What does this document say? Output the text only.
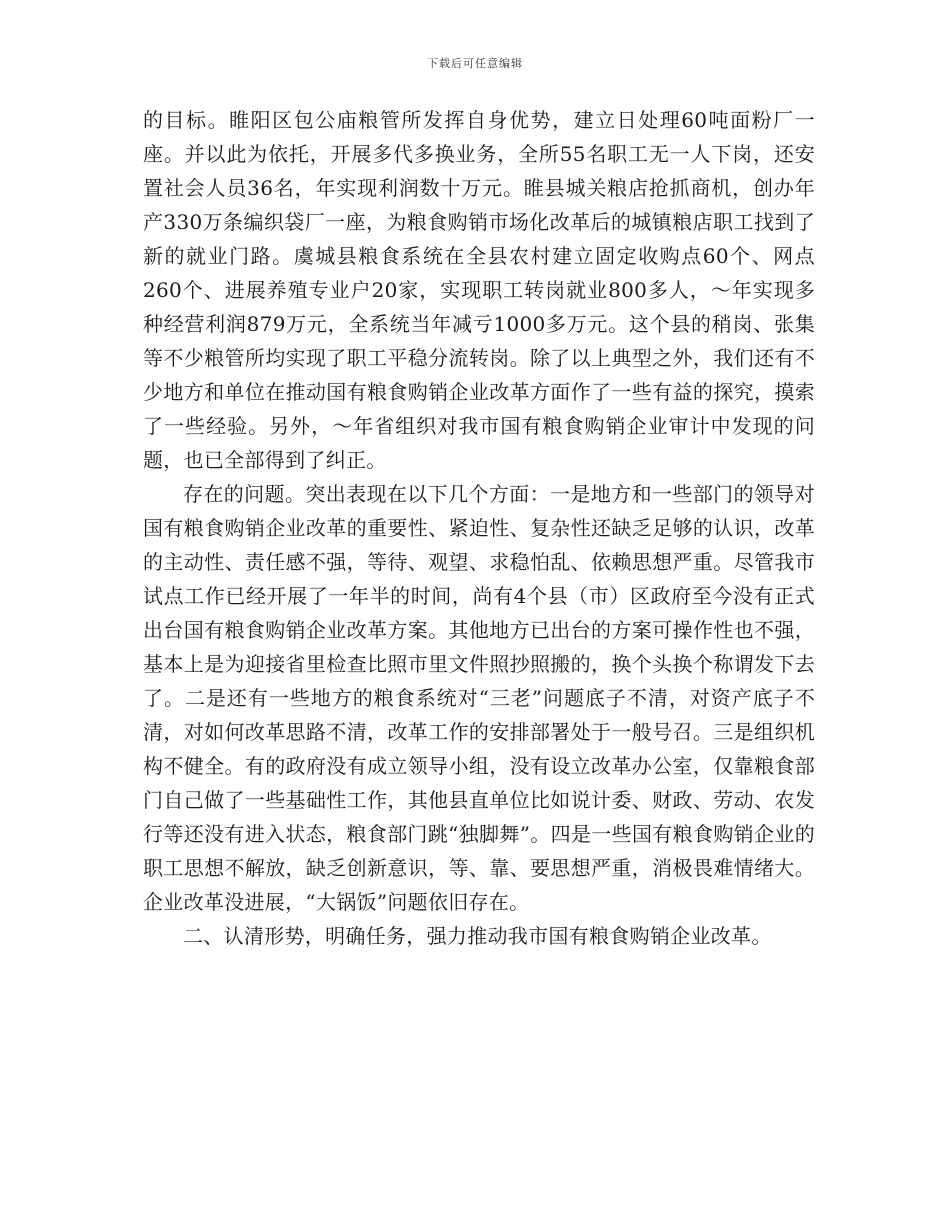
下载后可任意编辑

的目标。睢阳区包公庙粮管所发挥自身优势，建立日处理60吨面粉厂一座。并以此为依托，开展多代多换业务，全所55名职工无一人下岗，还安置社会人员36名，年实现利润数十万元。睢县城关粮店抢抓商机，创办年产330万条编织袋厂一座，为粮食购销市场化改革后的城镇粮店职工找到了新的就业门路。虞城县粮食系统在全县农村建立固定收购点60个、网点260个、进展养殖专业户20家，实现职工转岗就业800多人，～年实现多种经营利润879万元，全系统当年减亏1000多万元。这个县的稍岗、张集等不少粮管所均实现了职工平稳分流转岗。除了以上典型之外，我们还有不少地方和单位在推动国有粮食购销企业改革方面作了一些有益的探究，摸索了一些经验。另外，～年省组织对我市国有粮食购销企业审计中发现的问题，也已全部得到了纠正。

存在的问题。突出表现在以下几个方面：一是地方和一些部门的领导对国有粮食购销企业改革的重要性、紧迫性、复杂性还缺乏足够的认识，改革的主动性、责任感不强，等待、观望、求稳怕乱、依赖思想严重。尽管我市试点工作已经开展了一年半的时间，尚有4个县（市）区政府至今没有正式出台国有粮食购销企业改革方案。其他地方已出台的方案可操作性也不强，基本上是为迎接省里检查比照市里文件照抄照搬的，换个头换个称谓发下去了。二是还有一些地方的粮食系统对“三老”问题底子不清，对资产底子不清，对如何改革思路不清，改革工作的安排部署处于一般号召。三是组织机构不健全。有的政府没有成立领导小组，没有设立改革办公室，仅靠粮食部门自己做了一些基础性工作，其他县直单位比如说计委、财政、劳动、农发行等还没有进入状态，粮食部门跳“独脚舞”。四是一些国有粮食购销企业的职工思想不解放，缺乏创新意识，等、靠、要思想严重，消极畏难情绪大。企业改革没进展，“大锅饭”问题依旧存在。

二、认清形势，明确任务，强力推动我市国有粮食购销企业改革。
